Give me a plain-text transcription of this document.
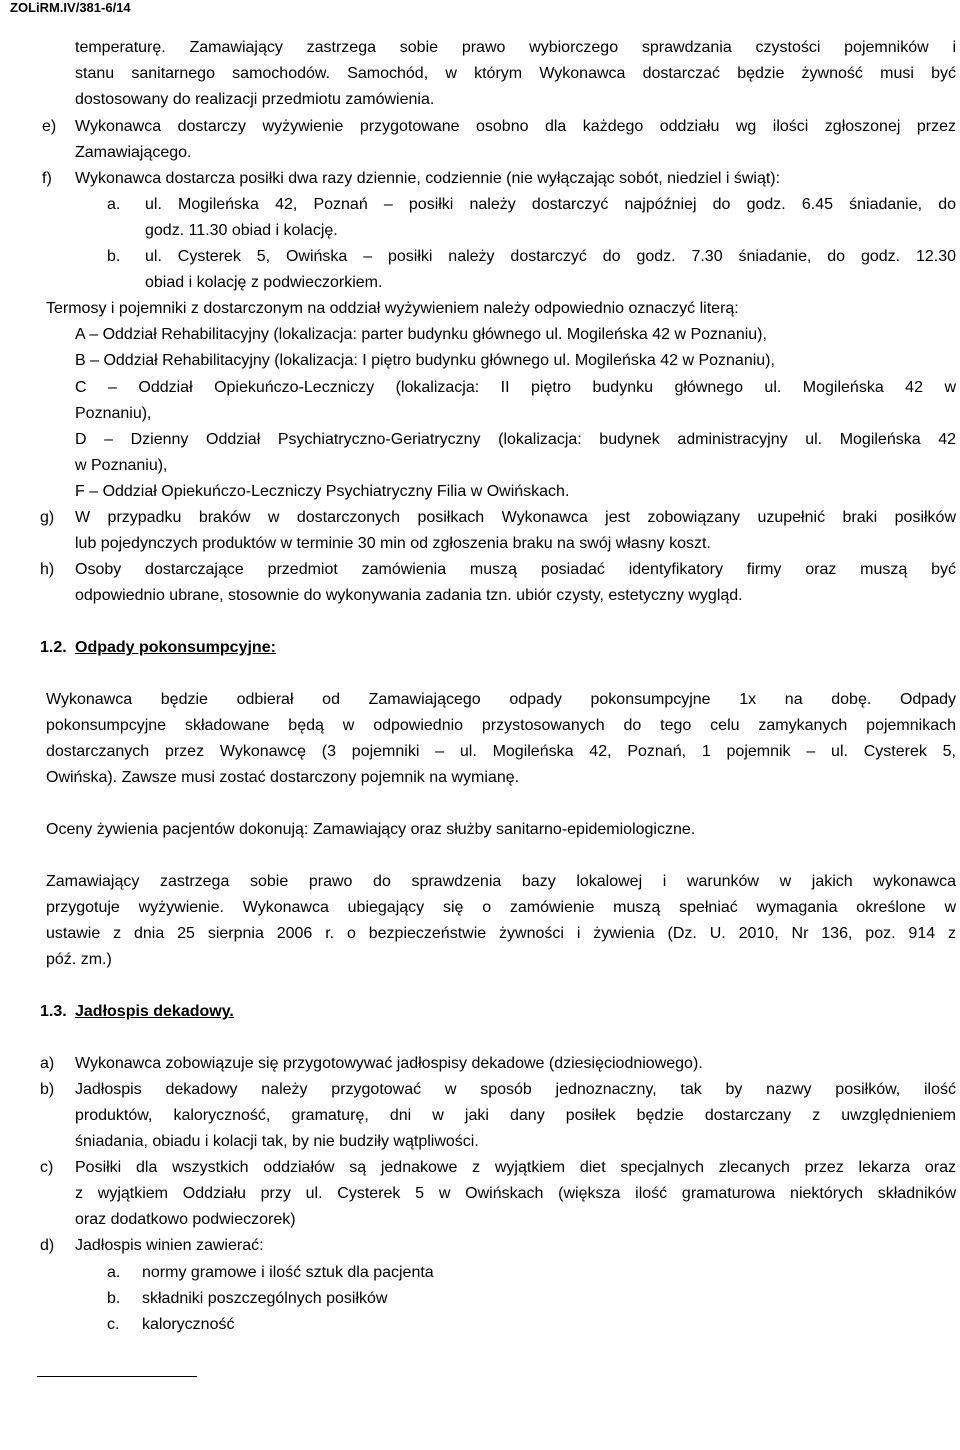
ZOLiRM.IV/381-6/14
temperaturę. Zamawiający zastrzega sobie prawo wybiorczego sprawdzania czystości pojemników i
stanu sanitarnego samochodów. Samochód, w którym Wykonawca dostarczać będzie żywność musi być
dostosowany do realizacji przedmiotu zamówienia.
e) Wykonawca dostarczy wyżywienie przygotowane osobno dla każdego oddziału wg ilości zgłoszonej przez
Zamawiającego.
f) Wykonawca dostarcza posiłki dwa razy dziennie, codziennie (nie wyłączając sobót, niedziel i świąt):
a. ul. Mogileńska 42, Poznań – posiłki należy dostarczyć najpóźniej do godz. 6.45 śniadanie, do
godz. 11.30 obiad i kolację.
b. ul. Cysterek 5, Owińska – posiłki należy dostarczyć do godz. 7.30 śniadanie, do godz. 12.30
obiad i kolację z podwieczorkiem.
Termosy i pojemniki z dostarczonym na oddział wyżywieniem należy odpowiednio oznaczyć literą:
A – Oddział Rehabilitacyjny (lokalizacja: parter budynku głównego ul. Mogileńska 42 w Poznaniu),
B – Oddział Rehabilitacyjny (lokalizacja: I piętro budynku głównego ul. Mogileńska 42 w Poznaniu),
C – Oddział Opiekuńczo-Leczniczy (lokalizacja: II piętro budynku głównego ul. Mogileńska 42 w
Poznaniu),
D – Dzienny Oddział Psychiatryczno-Geriatryczny (lokalizacja: budynek administracyjny ul. Mogileńska 42
w Poznaniu),
F – Oddział Opiekuńczo-Leczniczy Psychiatryczny Filia w Owińskach.
g) W przypadku braków w dostarczonych posiłkach Wykonawca jest zobowiązany uzupełnić braki posiłków
lub pojedynczych produktów w terminie 30 min od zgłoszenia braku na swój własny koszt.
h) Osoby dostarczające przedmiot zamówienia muszą posiadać identyfikatory firmy oraz muszą być
odpowiednio ubrane, stosownie do wykonywania zadania tzn. ubiór czysty, estetyczny wygląd.
1.2. Odpady pokonsumpcyjne:
Wykonawca będzie odbierał od Zamawiającego odpady pokonsumpcyjne 1x na dobę. Odpady
pokonsumpcyjne składowane będą w odpowiednio przystosowanych do tego celu zamykanych pojemnikach
dostarczanych przez Wykonawcę (3 pojemniki – ul. Mogileńska 42, Poznań, 1 pojemnik – ul. Cysterek 5,
Owińska). Zawsze musi zostać dostarczony pojemnik na wymianę.
Oceny żywienia pacjentów dokonują: Zamawiający oraz służby sanitarno-epidemiologiczne.
Zamawiający zastrzega sobie prawo do sprawdzenia bazy lokalowej i warunków w jakich wykonawca
przygotuje wyżywienie. Wykonawca ubiegający się o zamówienie muszą spełniać wymagania określone w
ustawie z dnia 25 sierpnia 2006 r. o bezpieczeństwie żywności i żywienia (Dz. U. 2010, Nr 136, poz. 914 z
póź. zm.)
1.3. Jadłospis dekadowy.
a) Wykonawca zobowiązuje się przygotowywać jadłospisy dekadowe (dziesięciodniowego).
b) Jadłospis dekadowy należy przygotować w sposób jednoznaczny, tak by nazwy posiłków, ilość
produktów, kaloryczność, gramaturę, dni w jaki dany posiłek będzie dostarczany z uwzględnieniem
śniadania, obiadu i kolacji tak, by nie budziły wątpliwości.
c) Posiłki dla wszystkich oddziałów są jednakowe z wyjątkiem diet specjalnych zlecanych przez lekarza oraz
z wyjątkiem Oddziału przy ul. Cysterek 5 w Owińskach (większa ilość gramaturowa niektórych składników
oraz dodatkowo podwieczorek)
d) Jadłospis winien zawierać:
a. normy gramowe i ilość sztuk dla pacjenta
b. składniki poszczególnych posiłków
c. kaloryczność
